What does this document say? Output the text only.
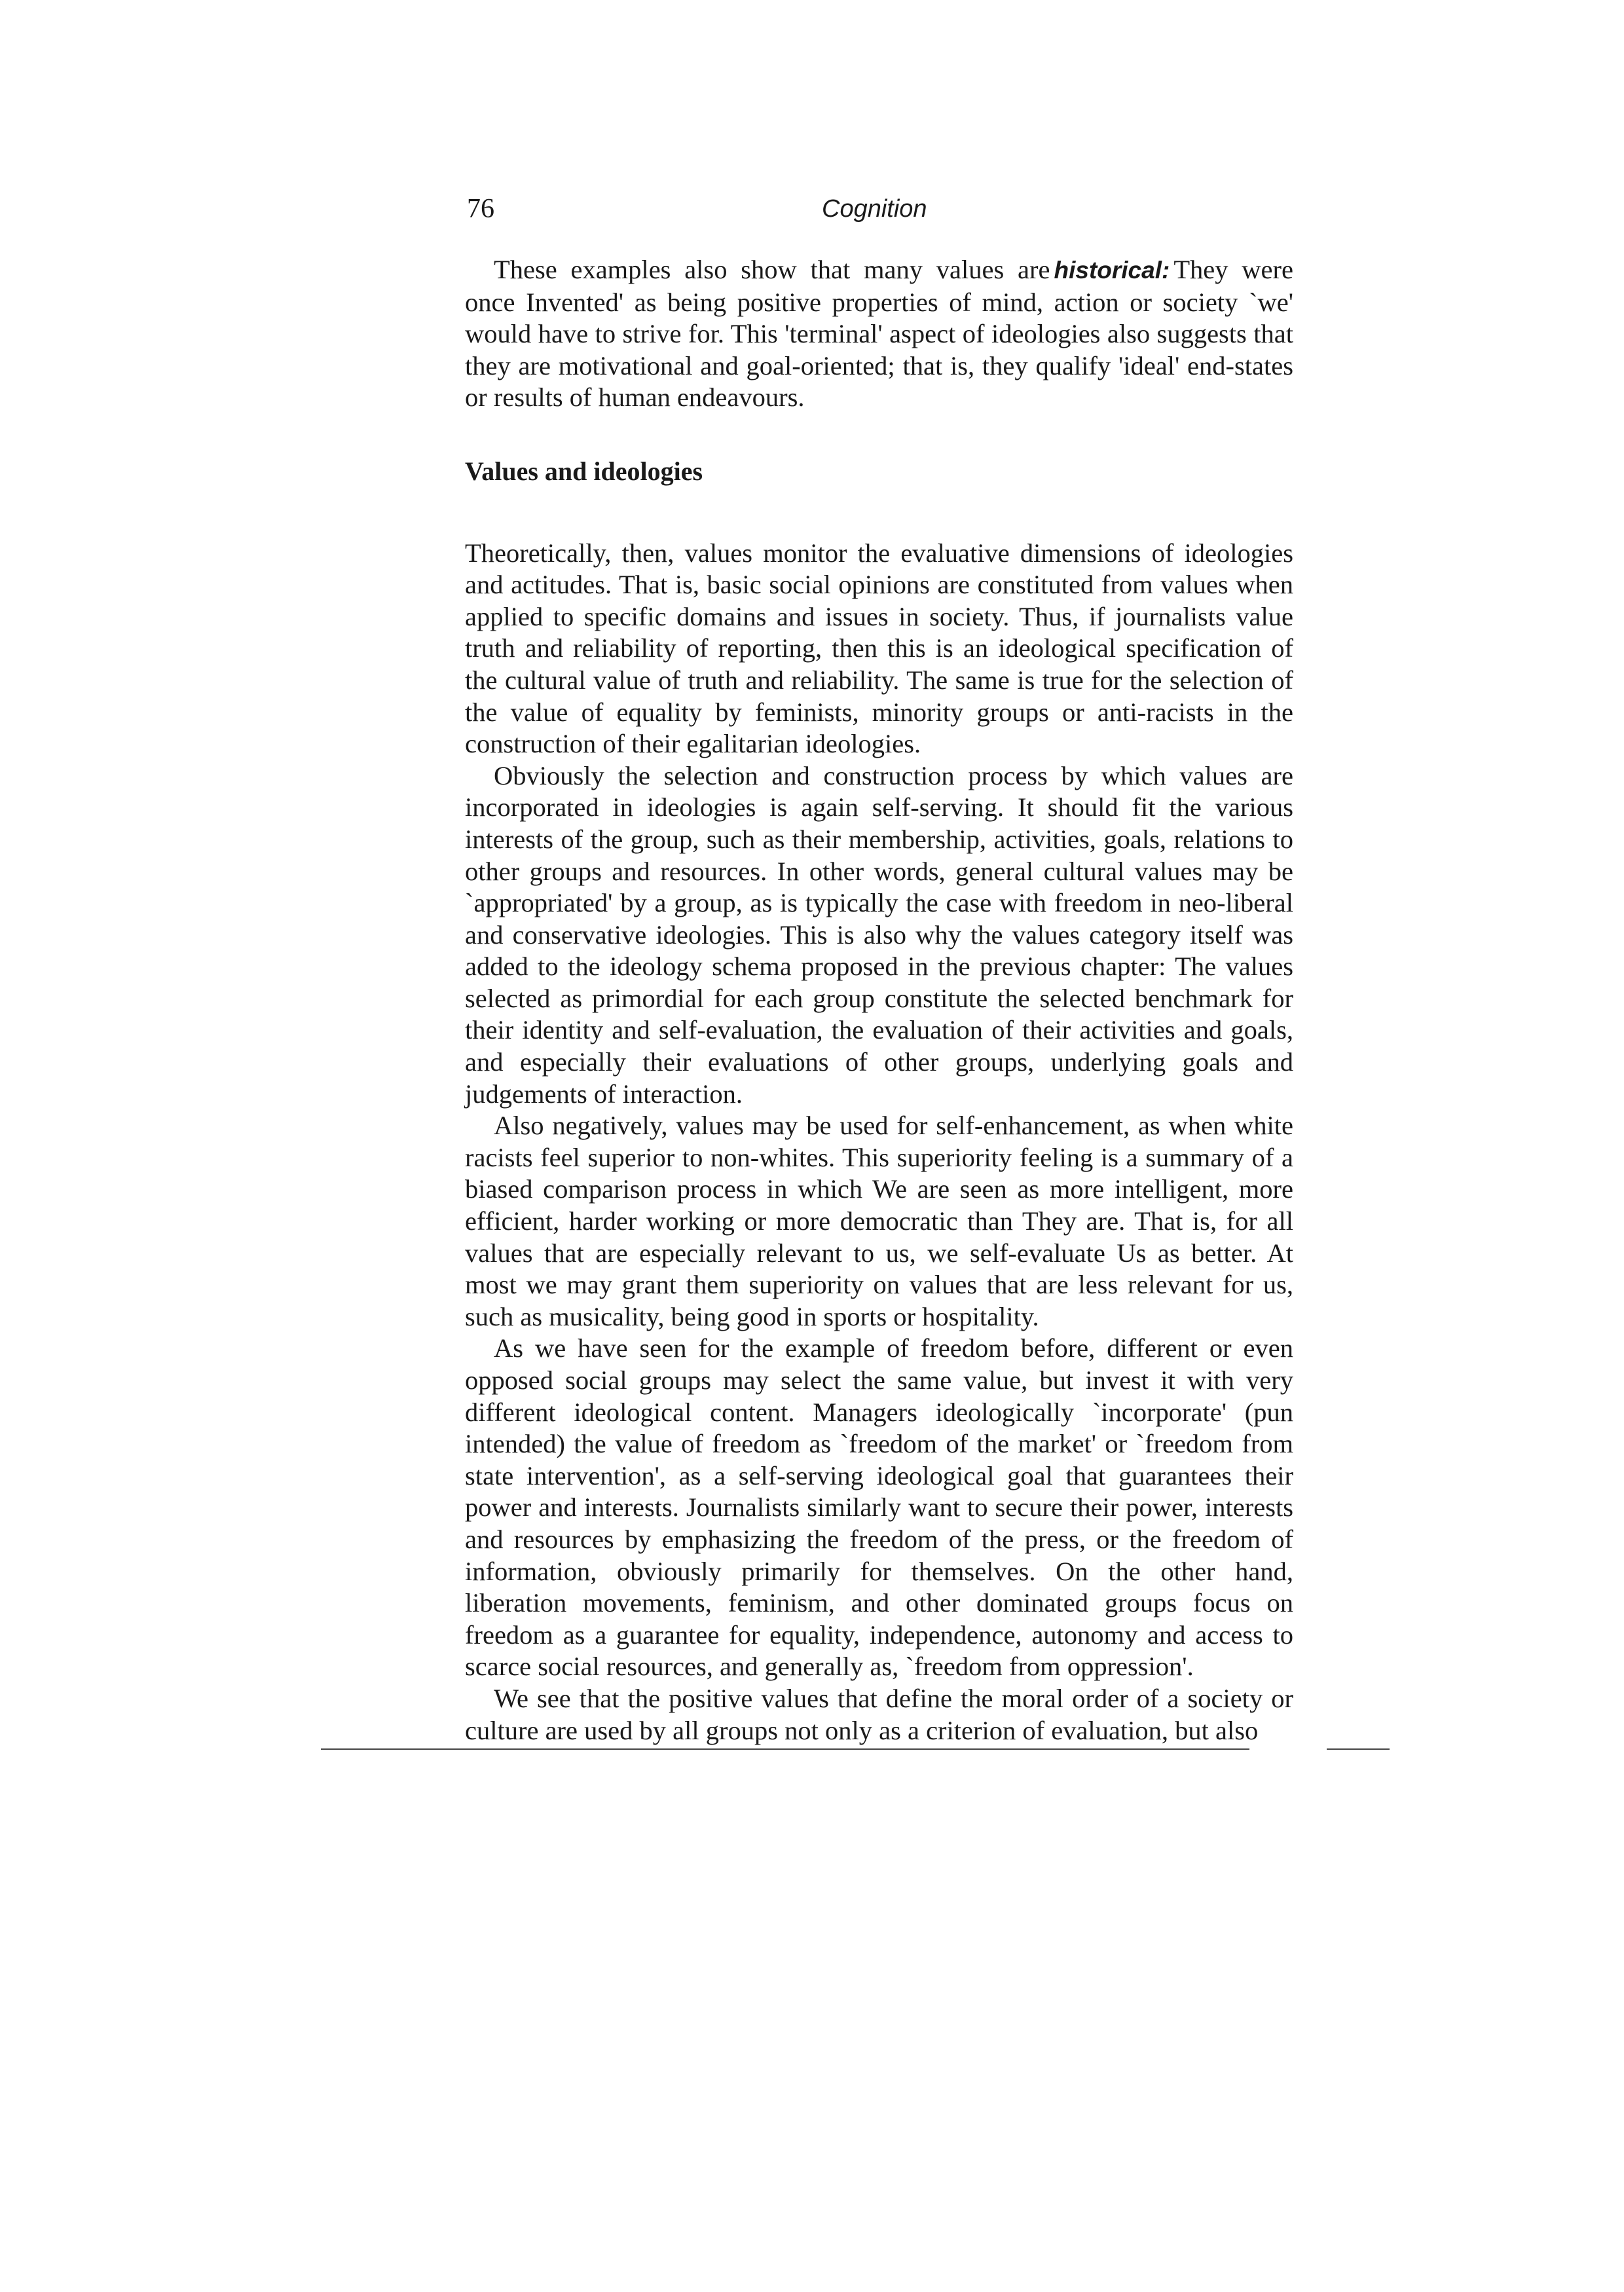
76	Cognition

These examples also show that many values are historical: They were once Invented' as being positive properties of mind, action or society `we' would have to strive for. This 'terminal' aspect of ideologies also suggests that they are motivational and goal-oriented; that is, they qualify 'ideal' end-states or results of human endeavours.

Values and ideologies

Theoretically, then, values monitor the evaluative dimensions of ideologies and actitudes. That is, basic social opinions are constituted from values when applied to specific domains and issues in society. Thus, if journalists value truth and reliability of reporting, then this is an ideological specification of the cultural value of truth and reliability. The same is true for the selection of the value of equality by feminists, minority groups or anti-racists in the construction of their egalitarian ideologies.

Obviously the selection and construction process by which values are incorporated in ideologies is again self-serving. It should fit the various interests of the group, such as their membership, activities, goals, relations to other groups and resources. In other words, general cultural values may be `appropriated' by a group, as is typically the case with freedom in neo-liberal and conservative ideologies. This is also why the values category itself was added to the ideology schema proposed in the previous chapter: The values selected as primordial for each group constitute the selected benchmark for their identity and self-evaluation, the evaluation of their activities and goals, and especially their evaluations of other groups, underlying goals and judgements of interaction.

Also negatively, values may be used for self-enhancement, as when white racists feel superior to non-whites. This superiority feeling is a summary of a biased comparison process in which We are seen as more intelligent, more efficient, harder working or more democratic than They are. That is, for all values that are especially relevant to us, we self-evaluate Us as better. At most we may grant them superiority on values that are less relevant for us, such as musicality, being good in sports or hospitality.

As we have seen for the example of freedom before, different or even opposed social groups may select the same value, but invest it with very different ideological content. Managers ideologically `incorporate' (pun intended) the value of freedom as `freedom of the market' or `freedom from state intervention', as a self-serving ideological goal that guarantees their power and interests. Journalists similarly want to secure their power, interests and resources by emphasizing the freedom of the press, or the freedom of information, obviously primarily for themselves. On the other hand, liberation movements, feminism, and other dominated groups focus on freedom as a guarantee for equality, independence, autonomy and access to scarce social resources, and generally as, `freedom from oppression'.

We see that the positive values that define the moral order of a society or culture are used by all groups not only as a criterion of evaluation, but also
